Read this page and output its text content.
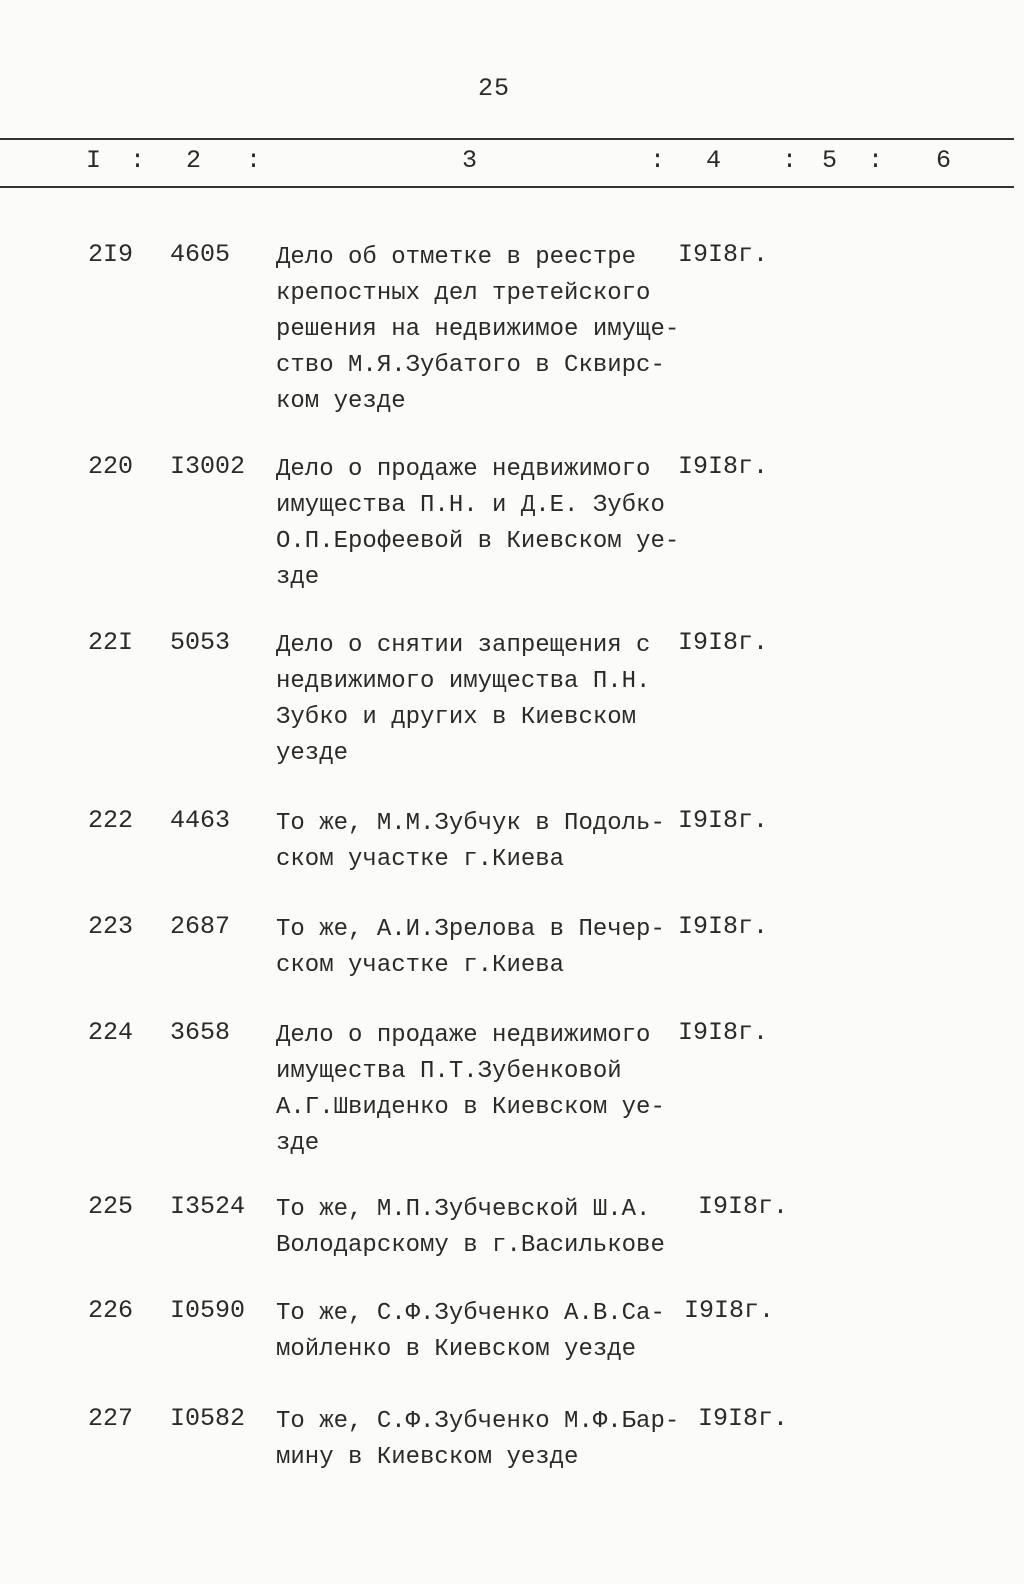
25
I : 2 :	3	: 4 : 5 : 6
2I9 4605 Дело об отметке в реестре
крепостных дел третейского
решения на недвижимое имуще-
ство М.Я.Зубатого в Сквирс-
ком уезде
I9I8г.
220 I3002 Дело о продаже недвижимого
имущества П.Н. и Д.Е. Зубко
О.П.Ерофеевой в Киевском уе-
зде
I9I8г.
22I 5053 Дело о снятии запрещения с
недвижимого имущества П.Н.
Зубко и других в Киевском
уезде
I9I8г.
222 4463 То же, М.М.Зубчук в Подоль-
ском участке г.Киева
I9I8г.
223 2687 То же, А.И.Зрелова в Печер-
ском участке г.Киева
I9I8г.
224 3658 Дело о продаже недвижимого
имущества П.Т.Зубенковой
А.Г.Швиденко в Киевском уе-
зде
I9I8г.
225 I3524 То же, М.П.Зубчевской Ш.А.
Володарскому в г.Василькове
I9I8г.
226 I0590 То же, С.Ф.Зубченко А.В.Са-
мойленко в Киевском уезде
I9I8г.
227 I0582 То же, С.Ф.Зубченко М.Ф.Бар-
мину в Киевском уезде
I9I8г.
